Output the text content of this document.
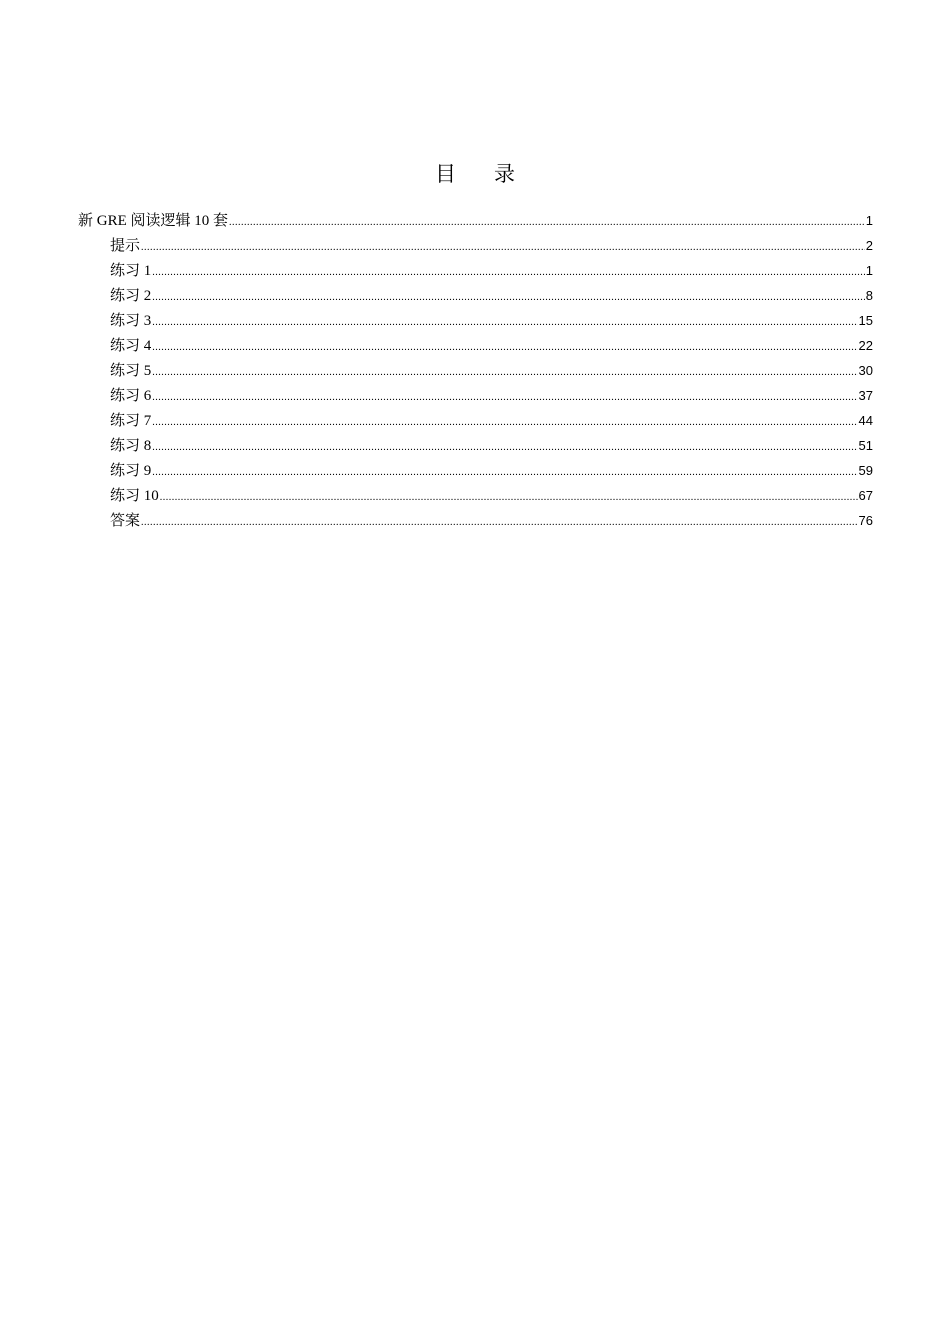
目录
新 GRE 阅读逻辑 10 套 .....	1
提示 .....	2
练习 1 .....	1
练习 2 .....	8
练习 3 .....	15
练习 4 .....	22
练习 5 .....	30
练习 6 .....	37
练习 7 .....	44
练习 8 .....	51
练习 9 .....	59
练习 10 .....	67
答案 .....	76
